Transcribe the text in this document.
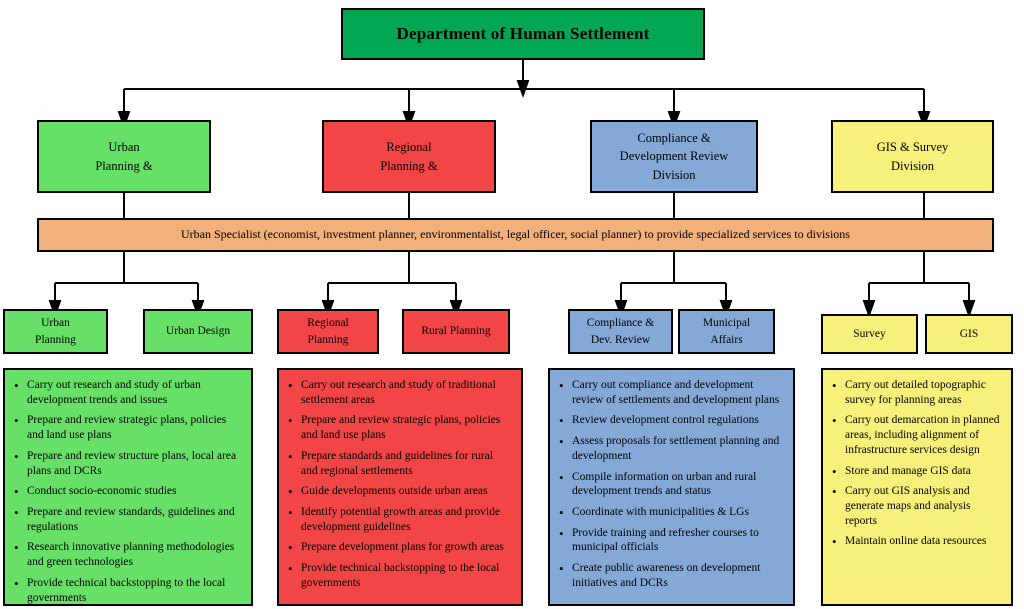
Department of Human Settlement
Urban
Planning &
Regional
Planning &
Compliance &
Development Review
Division
GIS & Survey
Division
Urban Specialist (economist, investment planner, environmentalist, legal officer, social planner) to provide specialized services to divisions
Urban
Planning
Urban Design
Regional
Planning
Rural Planning
Compliance &
Dev. Review
Municipal
Affairs	Survey	GIS
• Carry out research and study of urban development trends and issues
• Prepare and review strategic plans, policies and land use plans
• Prepare and review structure plans, local area plans and DCRs
• Conduct socio-economic studies
• Prepare and review standards, guidelines and regulations
• Research innovative planning methodologies and green technologies
• Provide technical backstopping to the local governments
• Carry out research and study of traditional settlement areas
• Prepare and review strategic plans, policies and land use plans
• Prepare standards and guidelines for rural and regional settlements
• Guide developments outside urban areas
• Identify potential growth areas and provide development guidelines
• Prepare development plans for growth areas
• Provide technical backstopping to the local governments
• Carry out compliance and development review of settlements and development plans
• Review development control regulations
• Assess proposals for settlement planning and development
• Compile information on urban and rural development trends and status
• Coordinate with municipalities & LGs
• Provide training and refresher courses to municipal officials
• Create public awareness on development initiatives and DCRs
• Carry out detailed topographic survey for planning areas
• Carry out demarcation in planned areas, including alignment of infrastructure services design
• Store and manage GIS data
• Carry out GIS analysis and generate maps and analysis reports
• Maintain online data resources
